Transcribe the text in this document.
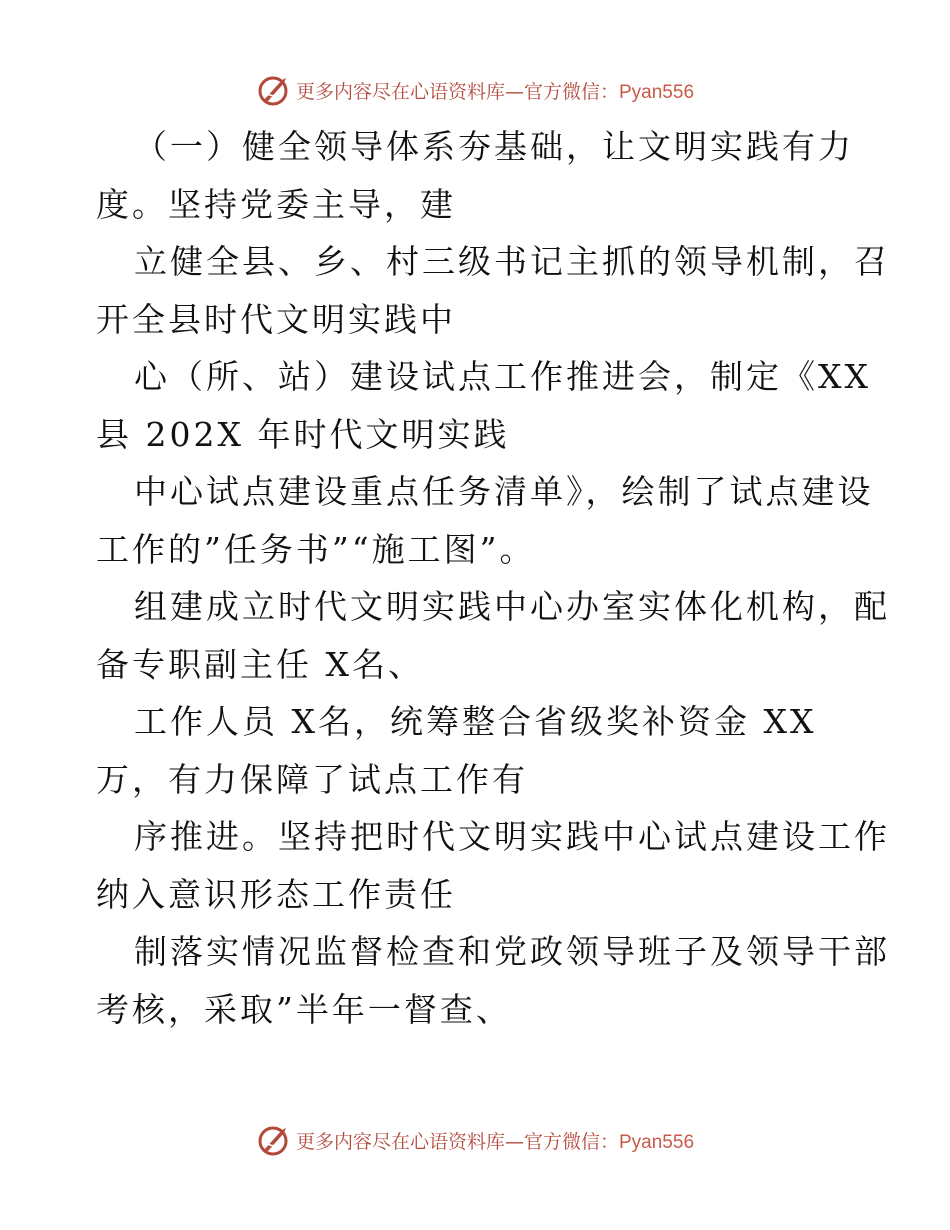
更多内容尽在心语资料库—官方微信：Pyan556
（一）健全领导体系夯基础，让文明实践有力
度。坚持党委主导，建
立健全县、乡、村三级书记主抓的领导机制，召
开全县时代文明实践中
心（所、站）建设试点工作推进会，制定《XX
县 202X 年时代文明实践
中心试点建设重点任务清单》，绘制了试点建设
工作的”任务书”“施工图”。
组建成立时代文明实践中心办室实体化机构，配
备专职副主任 X名、
工作人员 X名，统筹整合省级奖补资金 XX
万，有力保障了试点工作有
序推进。坚持把时代文明实践中心试点建设工作
纳入意识形态工作责任
制落实情况监督检查和党政领导班子及领导干部
考核，采取”半年一督查、
更多内容尽在心语资料库—官方微信：Pyan556
